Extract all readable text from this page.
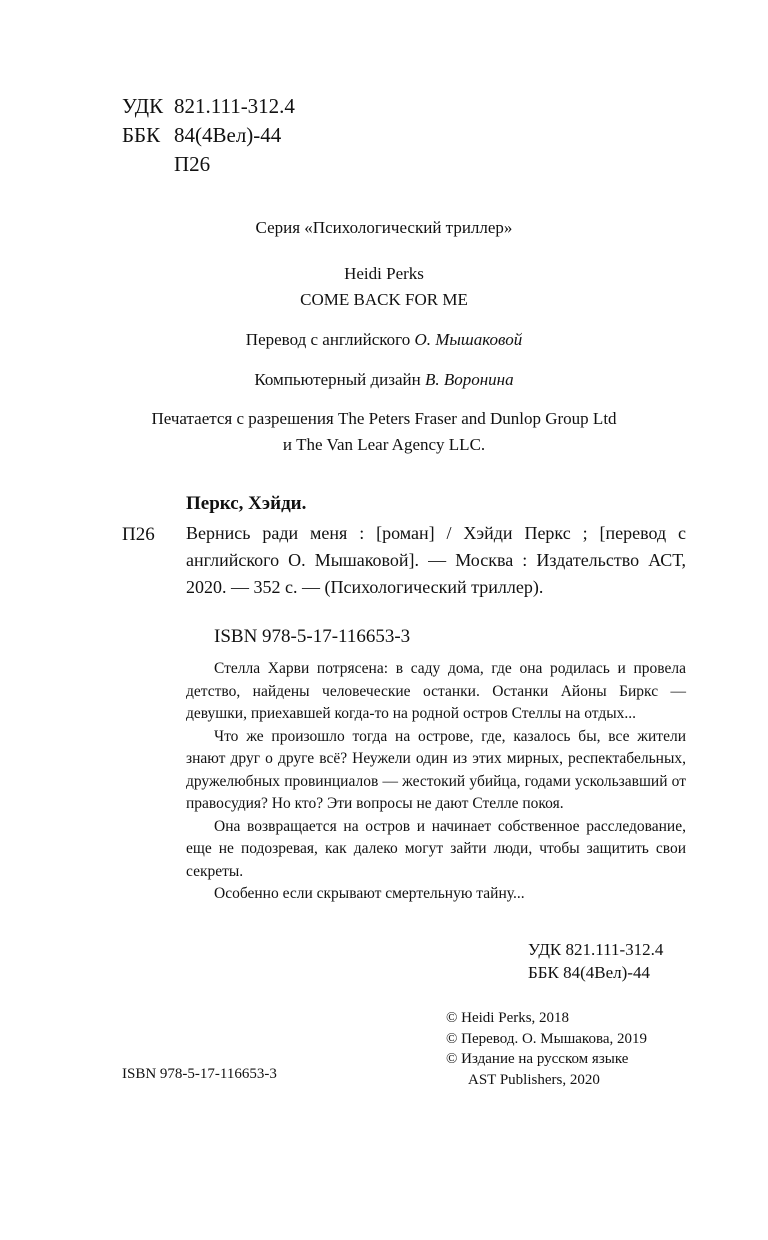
УДК 821.111-312.4
ББК 84(4Вел)-44
П26
Серия «Психологический триллер»
Heidi Perks
COME BACK FOR ME
Перевод с английского О. Мышаковой
Компьютерный дизайн В. Воронина
Печатается с разрешения The Peters Fraser and Dunlop Group Ltd
и The Van Lear Agency LLC.
Перкс, Хэйди.
П26 Вернись ради меня : [роман] / Хэйди Перкс ; [перевод с английского О. Мышаковой]. — Москва : Издательство АСТ, 2020. — 352 с. — (Психологический триллер).
ISBN 978-5-17-116653-3

Стелла Харви потрясена: в саду дома, где она родилась и провела детство, найдены человеческие останки. Останки Айоны Биркс — девушки, приехавшей когда-то на родной остров Стеллы на отдых...

Что же произошло тогда на острове, где, казалось бы, все жители знают друг о друге всё? Неужели один из этих мирных, респектабельных, дружелюбных провинциалов — жестокий убийца, годами ускользавший от правосудия? Но кто? Эти вопросы не дают Стелле покоя.

Она возвращается на остров и начинает собственное расследование, еще не подозревая, как далеко могут зайти люди, чтобы защитить свои секреты.

Особенно если скрывают смертельную тайну...

УДК 821.111-312.4
ББК 84(4Вел)-44
© Heidi Perks, 2018
© Перевод. О. Мышакова, 2019
© Издание на русском языке
AST Publishers, 2020
ISBN 978-5-17-116653-3
